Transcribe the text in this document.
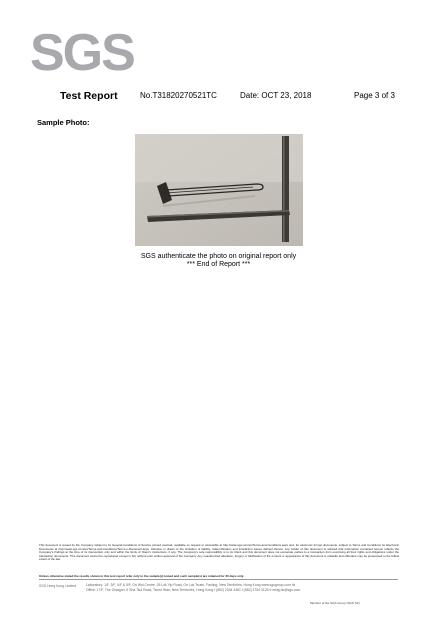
SGS
Test Report	No.T31820270521TC	Date: OCT 23, 2018	Page 3 of 3
Sample Photo:
SGS authenticate the photo on original report only
*** End of Report ***
This document is issued by the Company subject to its General Conditions of Service printed overleaf, available on request or accessible at http://www.sgs.com/en/Terms-and-Conditions.aspx and, for electronic format documents, subject to Terms and Conditions for Electronic Documents at http://www.sgs.com/en/Terms-and-Conditions/Terms-e-Document.aspx. Attention is drawn to the limitation of liability, indemnification and jurisdiction issues defined therein. Any holder of this document is advised that information contained hereon reflects the Company's findings at the time of its intervention only and within the limits of Client's instructions, if any. The Company's sole responsibility is to its Client and this document does not exonerate parties to a transaction from exercising all their rights and obligations under the transaction documents. This document cannot be reproduced except in full, without prior written approval of the Company. Any unauthorized alteration, forgery or falsification of the content or appearance of this document is unlawful and offenders may be prosecuted to the fullest extent of the law.
Unless otherwise stated the results shown in this test report refer only to the sample(s) tested and such sample(s) are retained for 30 days only.
SGS Hong Kong Limited	Laboratory: 1/F, 3/F, 4/F & 5/F, On Wui Centre, 25 Lok Yip Road, On Lok Tsuen, Fanling, New Territories, Hong Kong www.sgsgroup.com.hk
Office: 17/F, The Octagon, 6 Sha Tsui Road, Tsuen Wan, New Territories, Hong Kong t (852) 2334 4481 f (852) 2764 3126 e mktg.hk@sgs.com
Member of the SGS Group (SGS SA)
